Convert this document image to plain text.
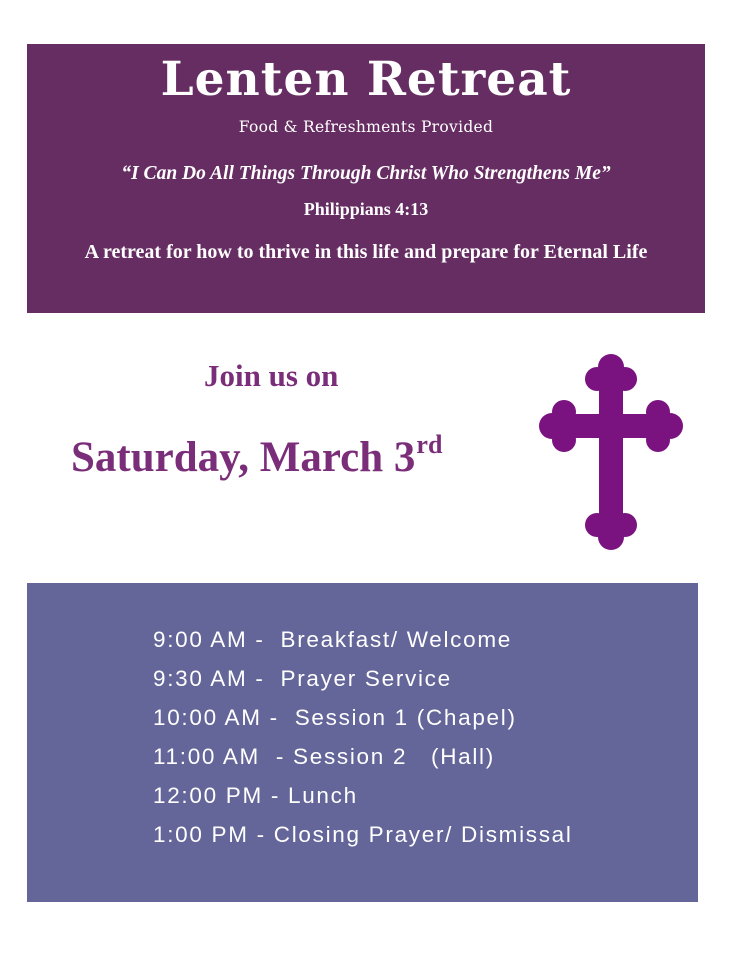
Lenten Retreat
Food & Refreshments Provided
“I Can Do All Things Through Christ Who Strengthens Me”
Philippians 4:13
A retreat for how to thrive in this life and prepare for Eternal Life
Join us on
Saturday, March 3rd
9:00 AM -  Breakfast/ Welcome
9:30 AM -  Prayer Service
10:00 AM -  Session 1 (Chapel)
11:00 AM  - Session 2   (Hall)
12:00 PM - Lunch
1:00 PM - Closing Prayer/ Dismissal
